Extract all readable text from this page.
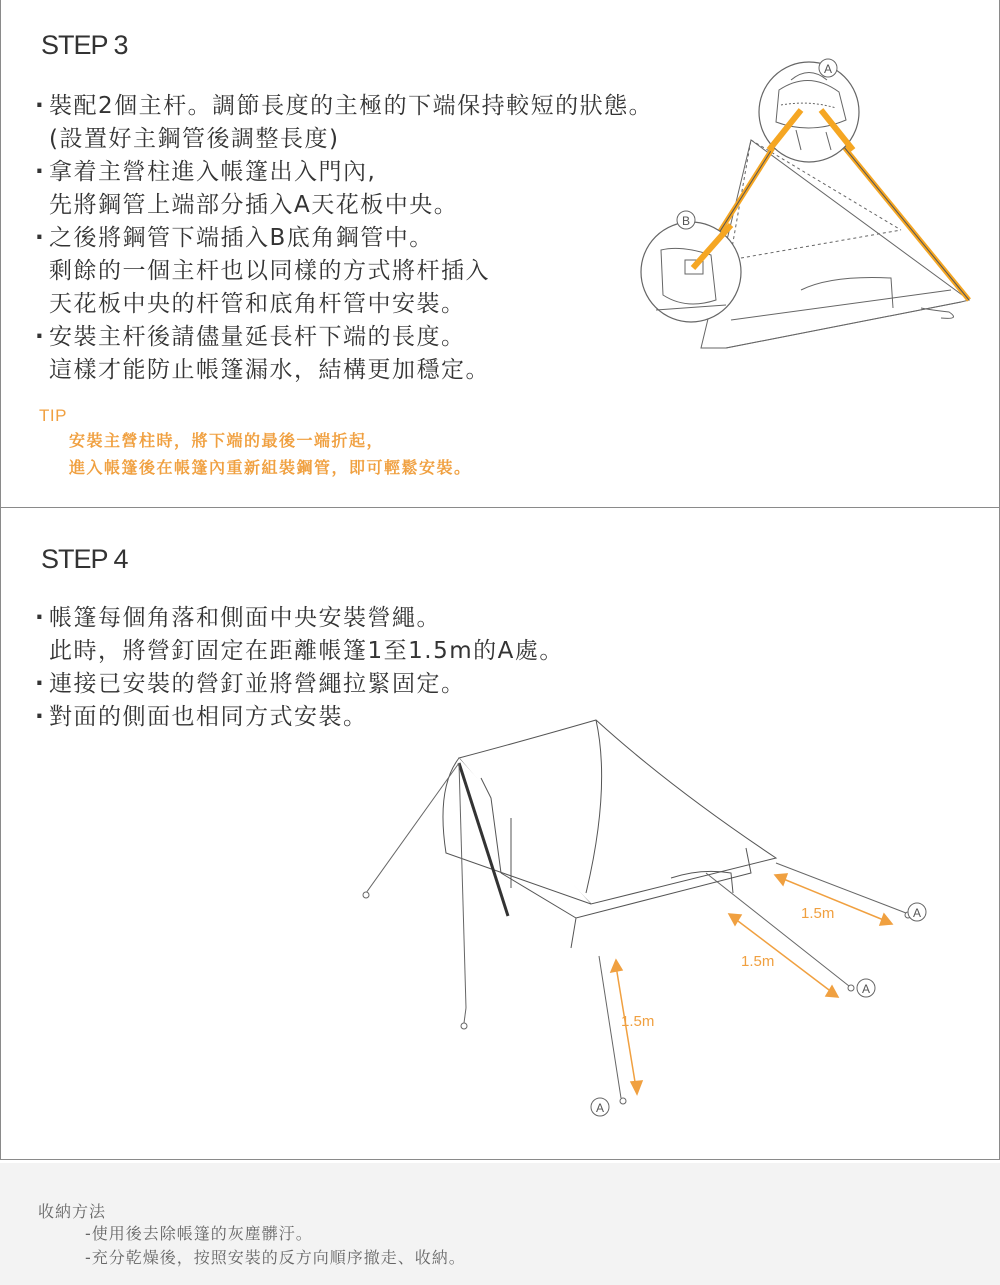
STEP 3
· 裝配2個主杆。調節長度的主極的下端保持較短的狀態。
(設置好主鋼管後調整長度)
· 拿着主營柱進入帳篷出入門內,
先將鋼管上端部分插入A天花板中央。
· 之後將鋼管下端插入B底角鋼管中。
剩餘的一個主杆也以同樣的方式將杆插入
天花板中央的杆管和底角杆管中安裝。
· 安裝主杆後請儘量延長杆下端的長度。
這樣才能防止帳篷漏水，結構更加穩定。
TIP
安裝主營柱時，將下端的最後一端折起，
進入帳篷後在帳篷內重新組裝鋼管，即可輕鬆安裝。
A
B
STEP 4
· 帳篷每個角落和側面中央安裝營繩。
此時，將營釘固定在距離帳篷1至1.5m的A處。
· 連接已安裝的營釘並將營繩拉緊固定。
· 對面的側面也相同方式安裝。
1.5m
1.5m
1.5m
A
A
A
收納方法
-使用後去除帳篷的灰塵髒汙。
-充分乾燥後，按照安裝的反方向順序撤走、收納。
